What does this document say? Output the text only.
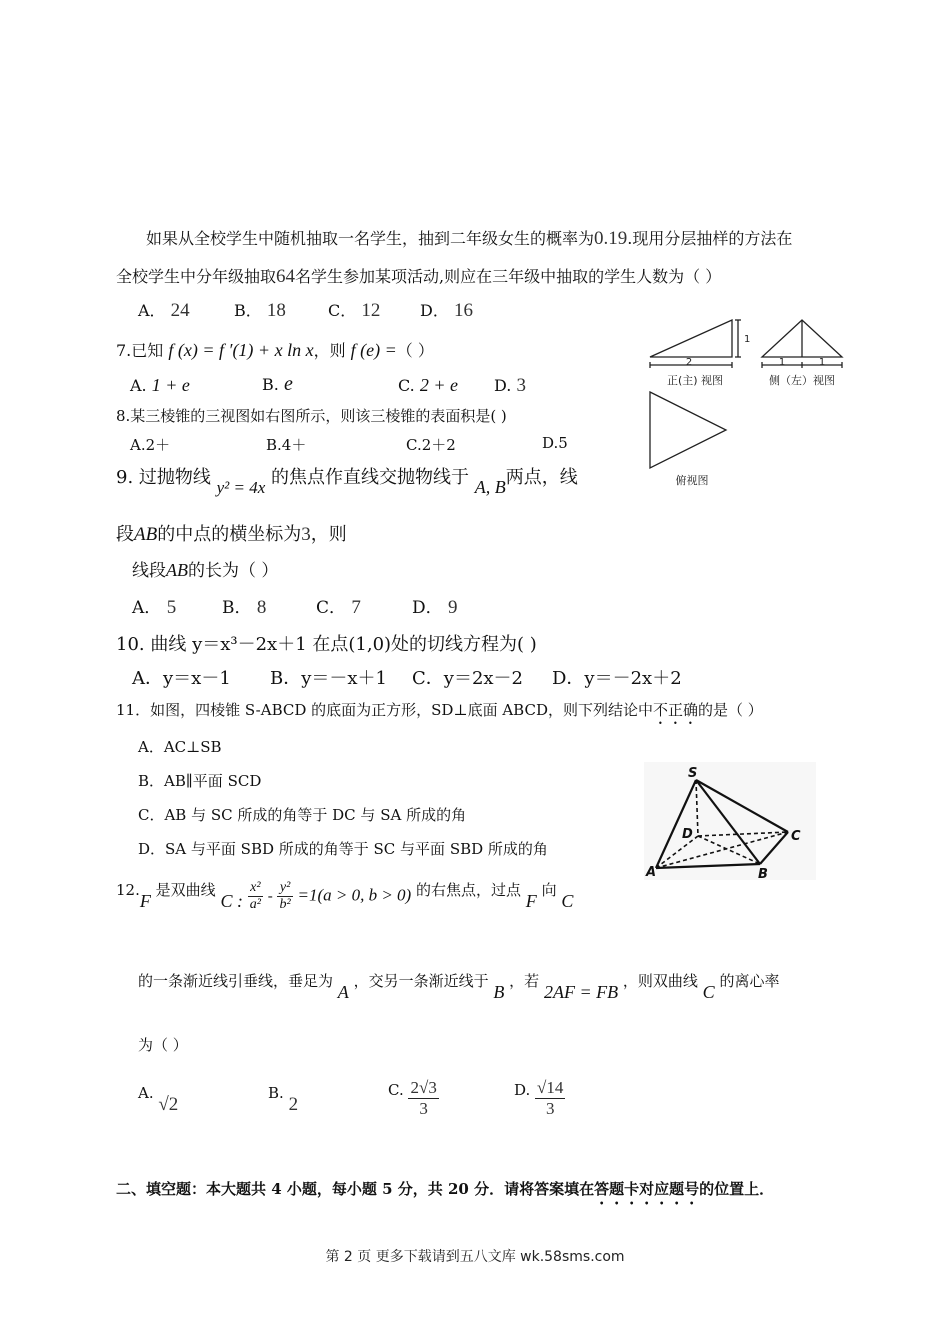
如果从全校学生中随机抽取一名学生，抽到二年级女生的概率为0.19.现用分层抽样的方法在
全校学生中分年级抽取64名学生参加某项活动,则应在三年级中抽取的学生人数为（ ）
A． 24	B． 18	C． 12 D． 16
7.已知 f (x) = f ′(1) + x ln x，则 f (e) =（ ）
A. 1 + e	B. e	C. 2 + e D. 3
8.某三棱锥的三视图如右图所示，则该三棱锥的表面积是( )
A.2＋	B.4＋	C.2＋2	D.5
2
1
正(主) 视图
1	1
侧（左）视图
俯视图
9. 过抛物线 y² = 4x 的焦点作直线交抛物线于 A, B两点，线
段AB的中点的横坐标为3，则
线段AB的长为（ ）
A． 5	B． 8	C． 7	D． 9
10. 曲线 y＝x³－2x＋1 在点(1,0)处的切线方程为( )
A．y＝x－1 B．y＝－x＋1 C．y＝2x－2 D．y＝－2x＋2
11．如图，四棱锥 S-ABCD 的底面为正方形，SD⊥底面 ABCD，则下列结论中不正确的是（ ）
A．AC⊥SB
B．AB∥平面 SCD
C．AB 与 SC 所成的角等于 DC 与 SA 所成的角
D．SA 与平面 SBD 所成的角等于 SC 与平面 SBD 所成的角
S
D	C
A	B
12.F 是双曲线 C : $\frac{\text{x²}}{\text{a²}} - \frac{\text{y²}}{\text{b²}} =1(a > 0$, b > 0) 的右焦点，过点 F 向 C
的一条渐近线引垂线，垂足为 A ，交另一条渐近线于 B ，若 2AF = FB ，则双曲线 C 的离心率
为（ ）
A. √2
B. 2
C. $\frac{2√3}{3}$	D. $\frac{√14}{3}$
二、填空题：本大题共 4 小题，每小题 5 分，共 20 分．请将答案填在答题卡对应题号的位置上．
第 2 页 更多下载请到五八文库 wk.58sms.com
